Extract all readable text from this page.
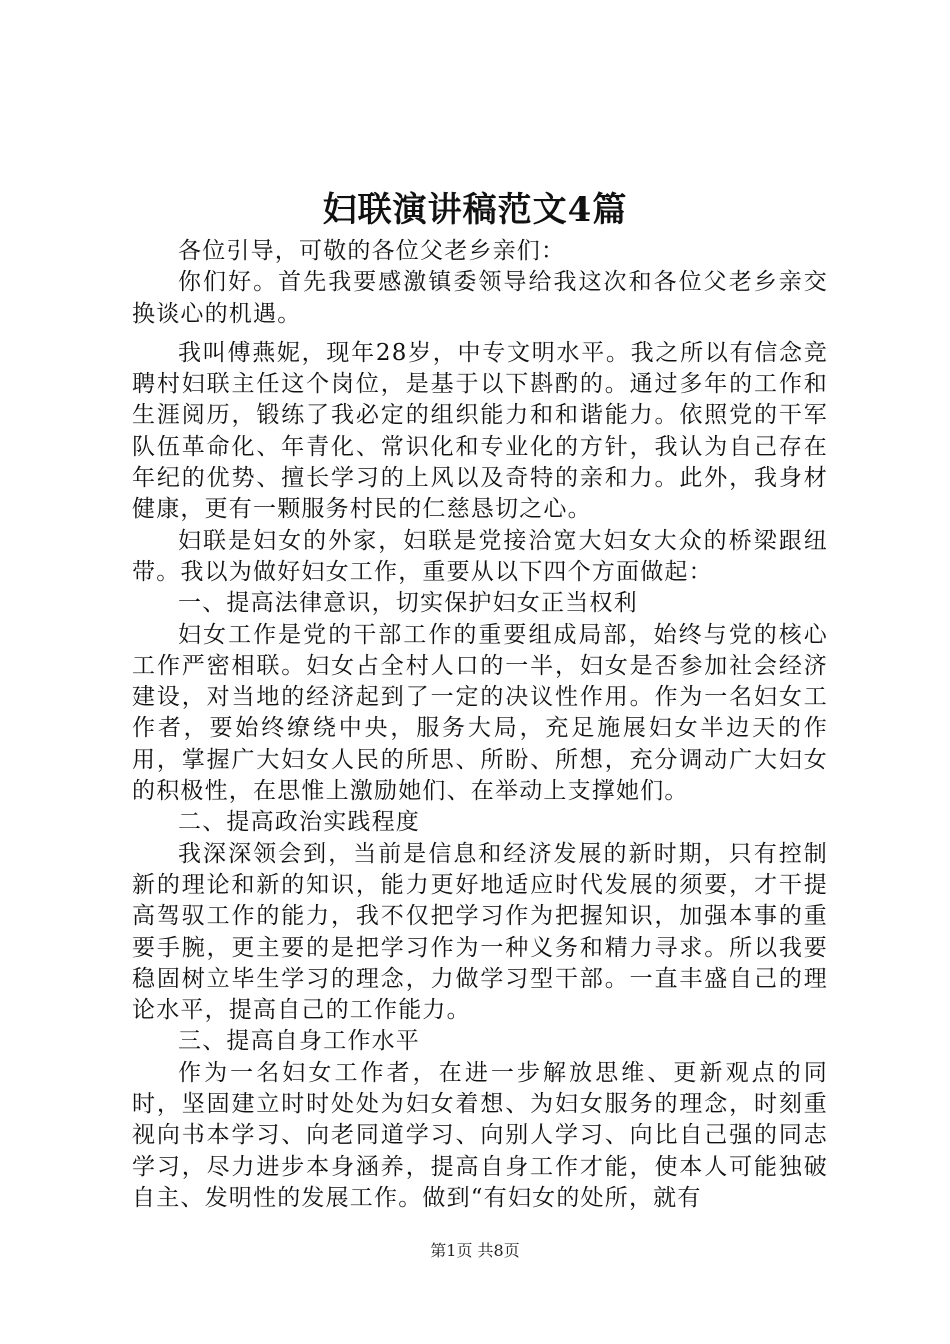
妇联演讲稿范文4篇

各位引导，可敬的各位父老乡亲们：

你们好。首先我要感激镇委领导给我这次和各位父老乡亲交换谈心的机遇。

我叫傅燕妮，现年28岁，中专文明水平。我之所以有信念竞聘村妇联主任这个岗位，是基于以下斟酌的。通过多年的工作和生涯阅历，锻练了我必定的组织能力和和谐能力。依照党的干军队伍革命化、年青化、常识化和专业化的方针，我认为自己存在年纪的优势、擅长学习的上风以及奇特的亲和力。此外，我身材健康，更有一颗服务村民的仁慈恳切之心。

妇联是妇女的外家，妇联是党接洽宽大妇女大众的桥梁跟纽带。我以为做好妇女工作，重要从以下四个方面做起：

一、提高法律意识，切实保护妇女正当权利

妇女工作是党的干部工作的重要组成局部，始终与党的核心工作严密相联。妇女占全村人口的一半，妇女是否参加社会经济建设，对当地的经济起到了一定的决议性作用。作为一名妇女工作者，要始终缭绕中央，服务大局，充足施展妇女半边天的作用，掌握广大妇女人民的所思、所盼、所想，充分调动广大妇女的积极性，在思惟上激励她们、在举动上支撑她们。

二、提高政治实践程度

我深深领会到，当前是信息和经济发展的新时期，只有控制新的理论和新的知识，能力更好地适应时代发展的须要，才干提高驾驭工作的能力，我不仅把学习作为把握知识，加强本事的重要手腕，更主要的是把学习作为一种义务和精力寻求。所以我要稳固树立毕生学习的理念，力做学习型干部。一直丰盛自己的理论水平，提高自己的工作能力。

三、提高自身工作水平

作为一名妇女工作者，在进一步解放思维、更新观点的同时，坚固建立时时处处为妇女着想、为妇女服务的理念，时刻重视向书本学习、向老同道学习、向别人学习、向比自己强的同志学习，尽力进步本身涵养，提高自身工作才能，使本人可能独破自主、发明性的发展工作。做到“有妇女的处所，就有

第1页 共8页
